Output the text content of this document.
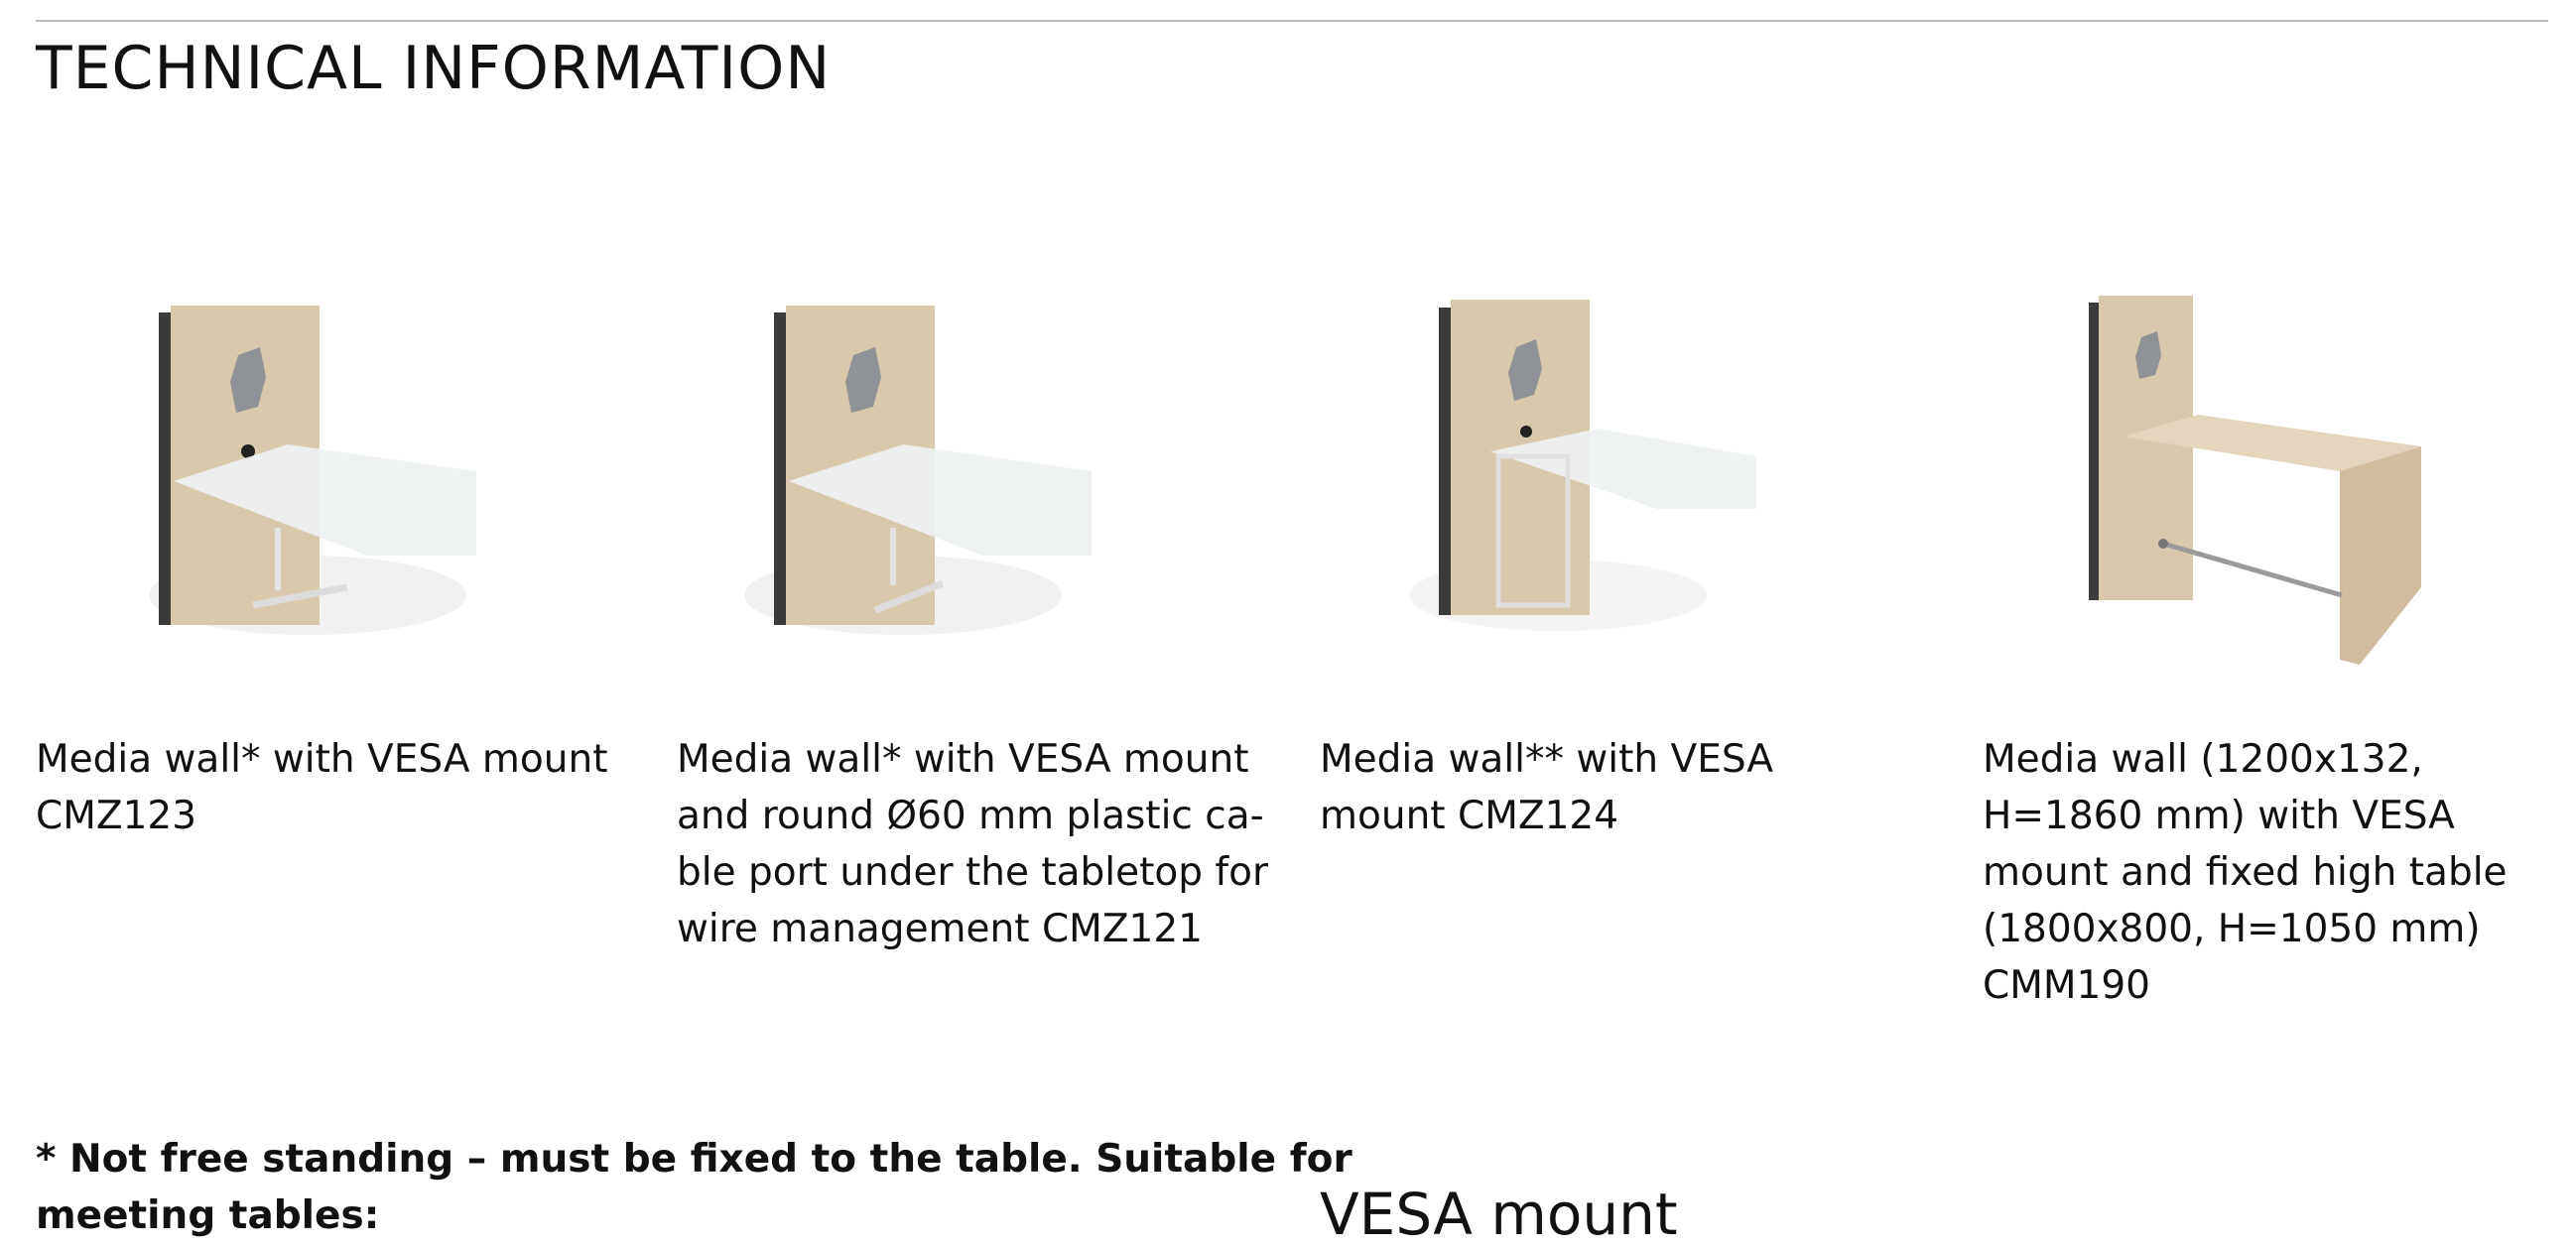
TECHNICAL INFORMATION
Media wall* with VESA mount
CMZ123
Media wall* with VESA mount
and round Ø60 mm plastic ca-
ble port under the tabletop for
wire management CMZ121
Media wall** with VESA
mount CMZ124
Media wall (1200x132,
H=1860 mm) with VESA
mount and fixed high table
(1800x800, H=1050 mm)
CMM190
* Not free standing – must be fixed to the table. Suitable for
meeting tables:	VESA mount
